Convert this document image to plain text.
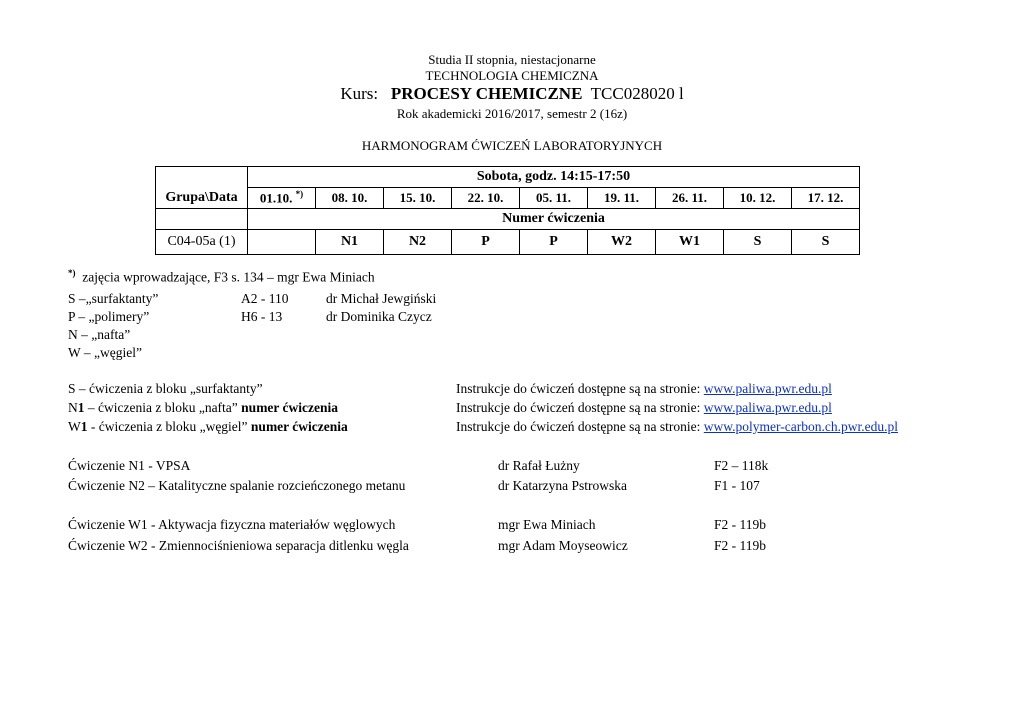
Studia II stopnia, niestacjonarne
TECHNOLOGIA CHEMICZNA
Kurs: PROCESY CHEMICZNE TCC028020 l
Rok akademicki 2016/2017, semestr 2 (16z)
HARMONOGRAM ĆWICZEŃ LABORATORYJNYCH
	Sobota, godz. 14:15-17:50								
Grupa\Data	01.10. *)	08. 10.	15. 10.	22. 10.	05. 11.	19. 11.	26. 11.	10. 12.	17. 12.
	Numer ćwiczenia								
C04-05a (1)		N1	N2	P	P	W2	W1	S	S
*) zajęcia wprowadzające, F3 s. 134 – mgr Ewa Miniach
S –„surfaktanty”	A2 - 110	dr Michał Jewgiński
P – „polimery”	H6 - 13	dr Dominika Czycz
N – „nafta”
W – „węgiel”
S – ćwiczenia z bloku „surfaktanty”	Instrukcje do ćwiczeń dostępne są na stronie: www.paliwa.pwr.edu.pl
N1 – ćwiczenia z bloku „nafta” numer ćwiczenia	Instrukcje do ćwiczeń dostępne są na stronie: www.paliwa.pwr.edu.pl
W1 - ćwiczenia z bloku „węgiel” numer ćwiczenia	Instrukcje do ćwiczeń dostępne są na stronie: www.polymer-carbon.ch.pwr.edu.pl
Ćwiczenie N1 - VPSA	dr Rafał Łużny	F2 – 118k
Ćwiczenie N2 – Katalityczne spalanie rozcieńczonego metanu	dr Katarzyna Pstrowska	F1 - 107
Ćwiczenie W1 - Aktywacja fizyczna materiałów węglowych	mgr Ewa Miniach	F2 - 119b
Ćwiczenie W2 - Zmiennociśnieniowa separacja ditlenku węgla	mgr Adam Moyseowicz	F2 - 119b
